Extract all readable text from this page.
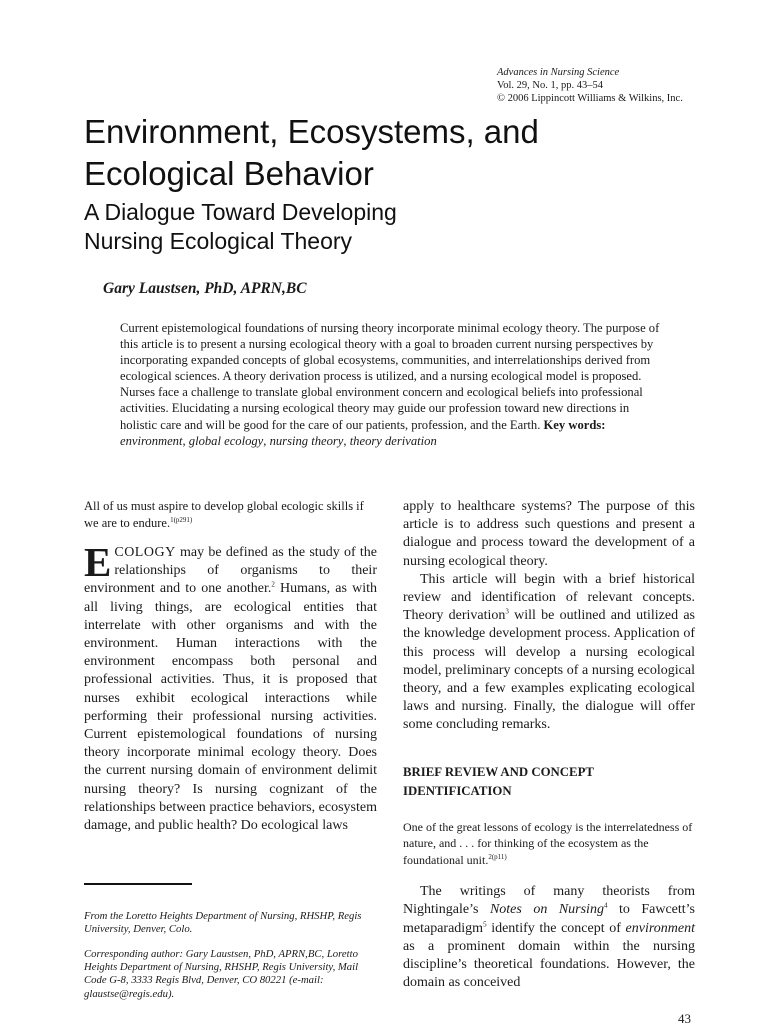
Advances in Nursing Science
Vol. 29, No. 1, pp. 43–54
© 2006 Lippincott Williams & Wilkins, Inc.
Environment, Ecosystems, and
Ecological Behavior
A Dialogue Toward Developing
Nursing Ecological Theory
Gary Laustsen, PhD, APRN,BC
Current epistemological foundations of nursing theory incorporate minimal ecology theory. The purpose of this article is to present a nursing ecological theory with a goal to broaden current nursing perspectives by incorporating expanded concepts of global ecosystems, communities, and interrelationships derived from ecological sciences. A theory derivation process is utilized, and a nursing ecological model is proposed. Nurses face a challenge to translate global environment concern and ecological beliefs into professional activities. Elucidating a nursing ecological theory may guide our profession toward new directions in holistic care and will be good for the care of our patients, profession, and the Earth. Key words: environment, global ecology, nursing theory, theory derivation
All of us must aspire to develop global ecologic skills if we are to endure.$^{1(p291)}$

ECOLOGY may be defined as the study of the relationships of organisms to their environment and to one another.$^2$ Humans, as with all living things, are ecological entities that interrelate with other organisms and with the environment. Human interactions with the environment encompass both personal and professional activities. Thus, it is proposed that nurses exhibit ecological interactions while performing their professional nursing activities. Current epistemological foundations of nursing theory incorporate minimal ecology theory. Does the current nursing domain of environment delimit nursing theory? Is nursing cognizant of the relationships between practice behaviors, ecosystem damage, and public health? Do ecological laws

apply to healthcare systems? The purpose of this article is to address such questions and present a dialogue and process toward the development of a nursing ecological theory.

This article will begin with a brief historical review and identification of relevant concepts. Theory derivation$^3$ will be outlined and utilized as the knowledge development process. Application of this process will develop a nursing ecological model, preliminary concepts of a nursing ecological theory, and a few examples explicating ecological laws and nursing. Finally, the dialogue will offer some concluding remarks.

BRIEF REVIEW AND CONCEPT IDENTIFICATION
One of the great lessons of ecology is the interrelatedness of nature, and . . . for thinking of the ecosystem as the foundational unit.$^{2(p11)}$

The writings of many theorists from Nightingale’s Notes on Nursing$^4$ to Fawcett’s metaparadigm$^5$ identify the concept of environment as a prominent domain within the nursing discipline’s theoretical foundations. However, the domain as conceived

From the Loretto Heights Department of Nursing, RHSHP, Regis University, Denver, Colo.
Corresponding author: Gary Laustsen, PhD, APRN,BC, Loretto Heights Department of Nursing, RHSHP, Regis University, Mail Code G-8, 3333 Regis Blvd, Denver, CO 80221 (e-mail: glaustse@regis.edu).
43
